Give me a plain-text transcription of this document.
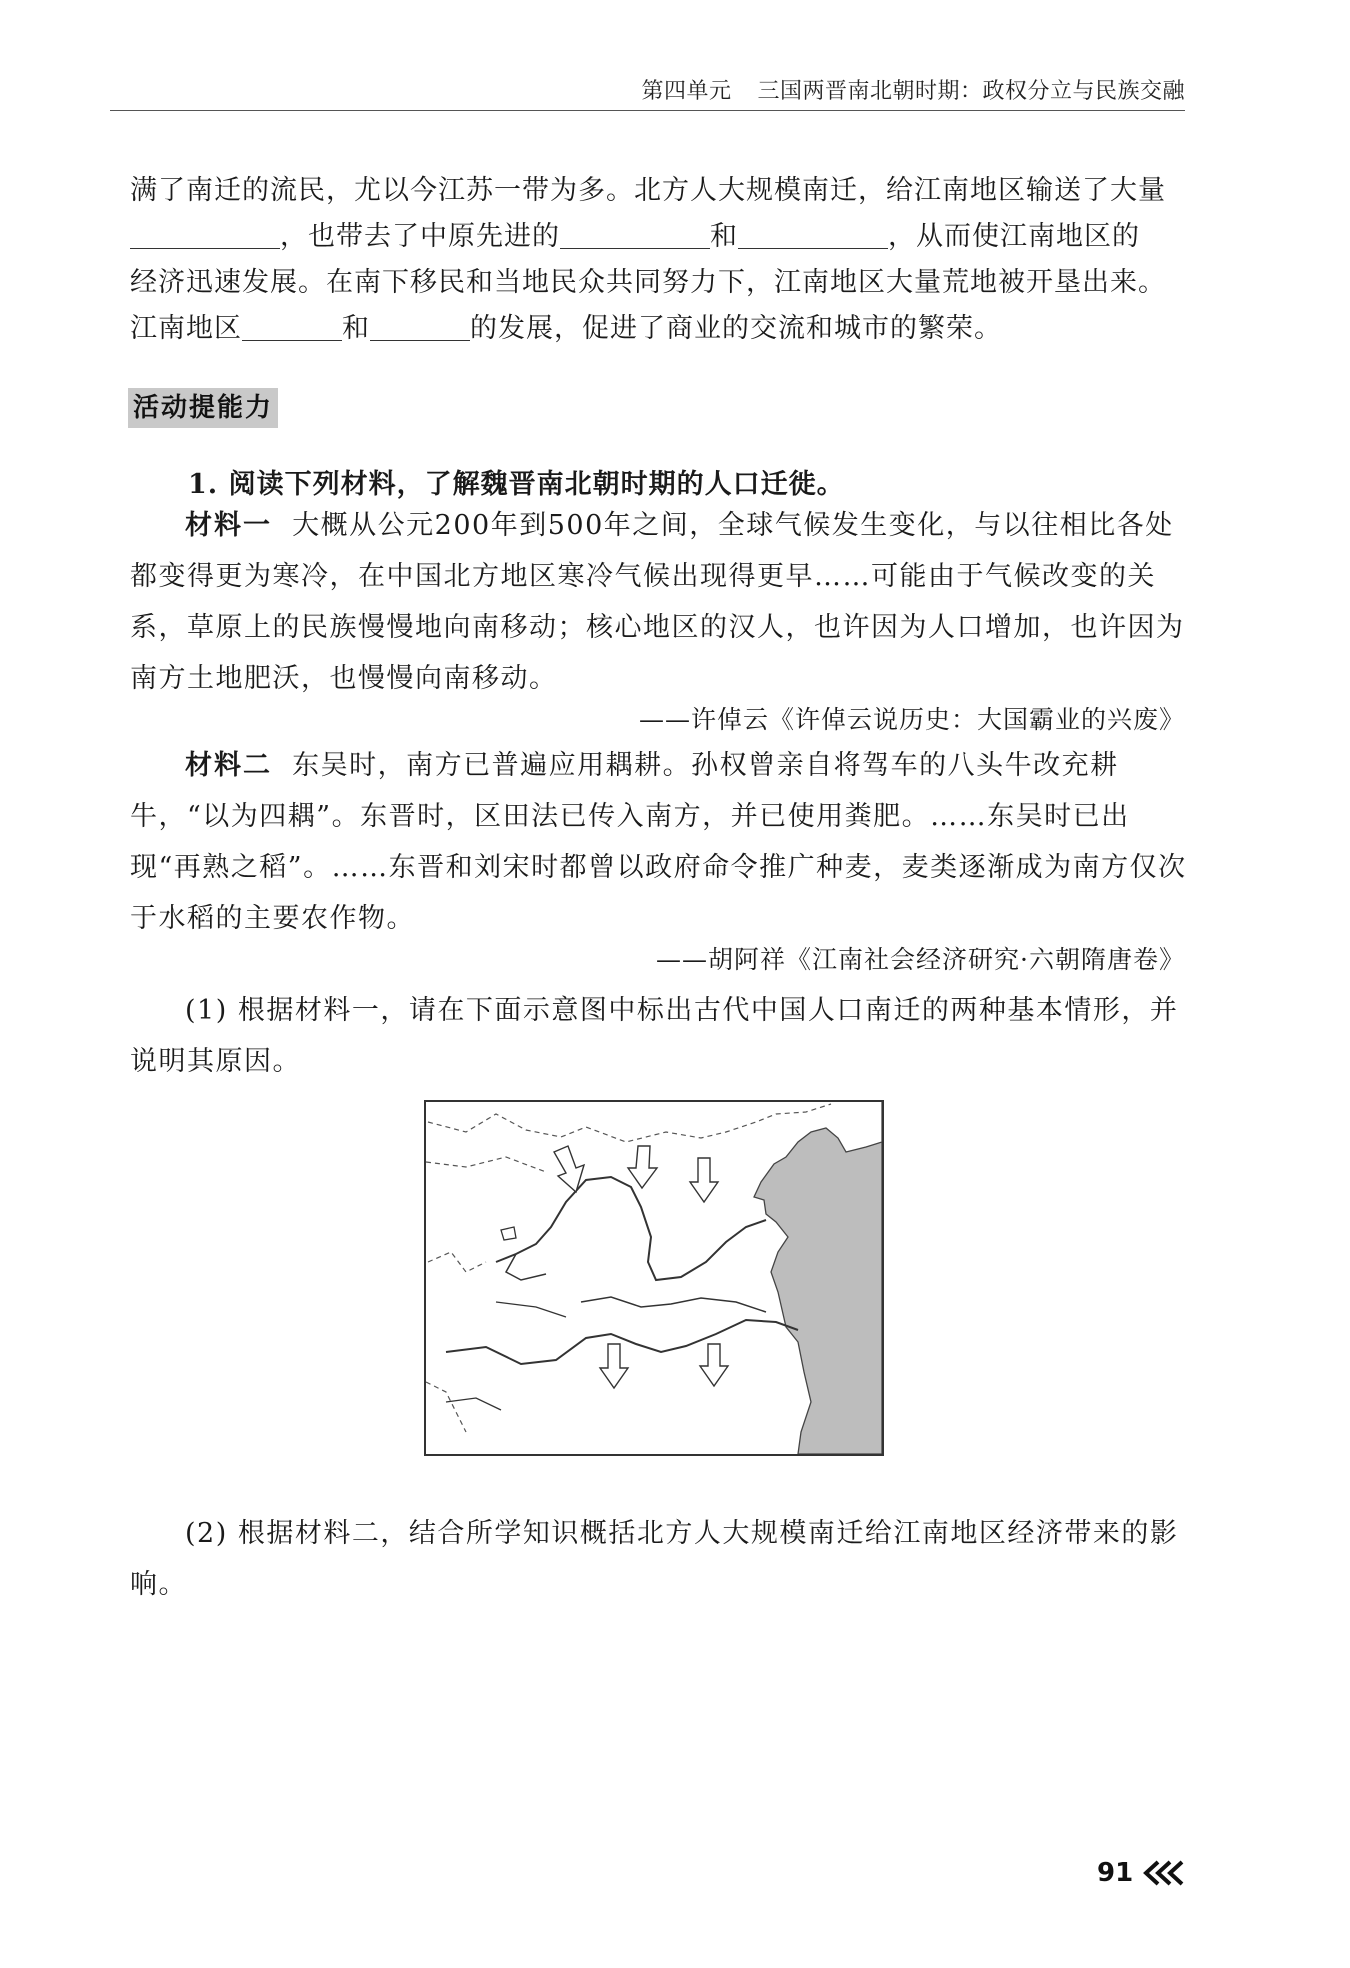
第四单元 三国两晋南北朝时期：政权分立与民族交融
满了南迁的流民，尤以今江苏一带为多。北方人大规模南迁，给江南地区输送了大量
，也带去了中原先进的	和	，从而使江南地区的
经济迅速发展。在南下移民和当地民众共同努力下，江南地区大量荒地被开垦出来。
江南地区	和	的发展，促进了商业的交流和城市的繁荣。
活动提能力
1. 阅读下列材料，了解魏晋南北朝时期的人口迁徙。
材料一 大概从公元200年到500年之间，全球气候发生变化，与以往相比各处都变得更为寒冷，在中国北方地区寒冷气候出现得更早……可能由于气候改变的关系，草原上的民族慢慢地向南移动；核心地区的汉人，也许因为人口增加，也许因为南方土地肥沃，也慢慢向南移动。
——许倬云《许倬云说历史：大国霸业的兴废》
材料二 东吴时，南方已普遍应用耦耕。孙权曾亲自将驾车的八头牛改充耕牛，“以为四耦”。东晋时，区田法已传入南方，并已使用粪肥。……东吴时已出现“再熟之稻”。……东晋和刘宋时都曾以政府命令推广种麦，麦类逐渐成为南方仅次于水稻的主要农作物。
——胡阿祥《江南社会经济研究·六朝隋唐卷》
(1) 根据材料一，请在下面示意图中标出古代中国人口南迁的两种基本情形，并说明其原因。
(2) 根据材料二，结合所学知识概括北方人大规模南迁给江南地区经济带来的影响。
91
